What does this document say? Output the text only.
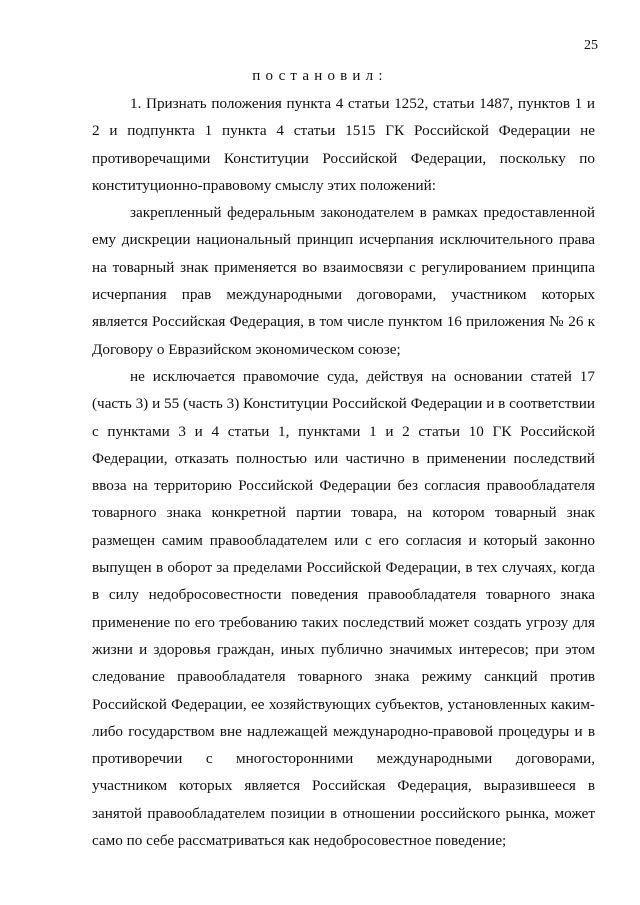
25
постановил:

1. Признать положения пункта 4 статьи 1252, статьи 1487, пунктов 1 и 2 и подпункта 1 пункта 4 статьи 1515 ГК Российской Федерации не противоречащими Конституции Российской Федерации, поскольку по конституционно-правовому смыслу этих положений:

закрепленный федеральным законодателем в рамках предоставленной ему дискреции национальный принцип исчерпания исключительного права на товарный знак применяется во взаимосвязи с регулированием принципа исчерпания прав международными договорами, участником которых является Российская Федерация, в том числе пунктом 16 приложения № 26 к Договору о Евразийском экономическом союзе;

не исключается правомочие суда, действуя на основании статей 17 (часть 3) и 55 (часть 3) Конституции Российской Федерации и в соответствии с пунктами 3 и 4 статьи 1, пунктами 1 и 2 статьи 10 ГК Российской Федерации, отказать полностью или частично в применении последствий ввоза на территорию Российской Федерации без согласия правообладателя товарного знака конкретной партии товара, на котором товарный знак размещен самим правообладателем или с его согласия и который законно выпущен в оборот за пределами Российской Федерации, в тех случаях, когда в силу недобросовестности поведения правообладателя товарного знака применение по его требованию таких последствий может создать угрозу для жизни и здоровья граждан, иных публично значимых интересов; при этом следование правообладателя товарного знака режиму санкций против Российской Федерации, ее хозяйствующих субъектов, установленных каким-либо государством вне надлежащей международно-правовой процедуры и в противоречии с многосторонними международными договорами, участником которых является Российская Федерация, выразившееся в занятой правообладателем позиции в отношении российского рынка, может само по себе рассматриваться как недобросовестное поведение;
